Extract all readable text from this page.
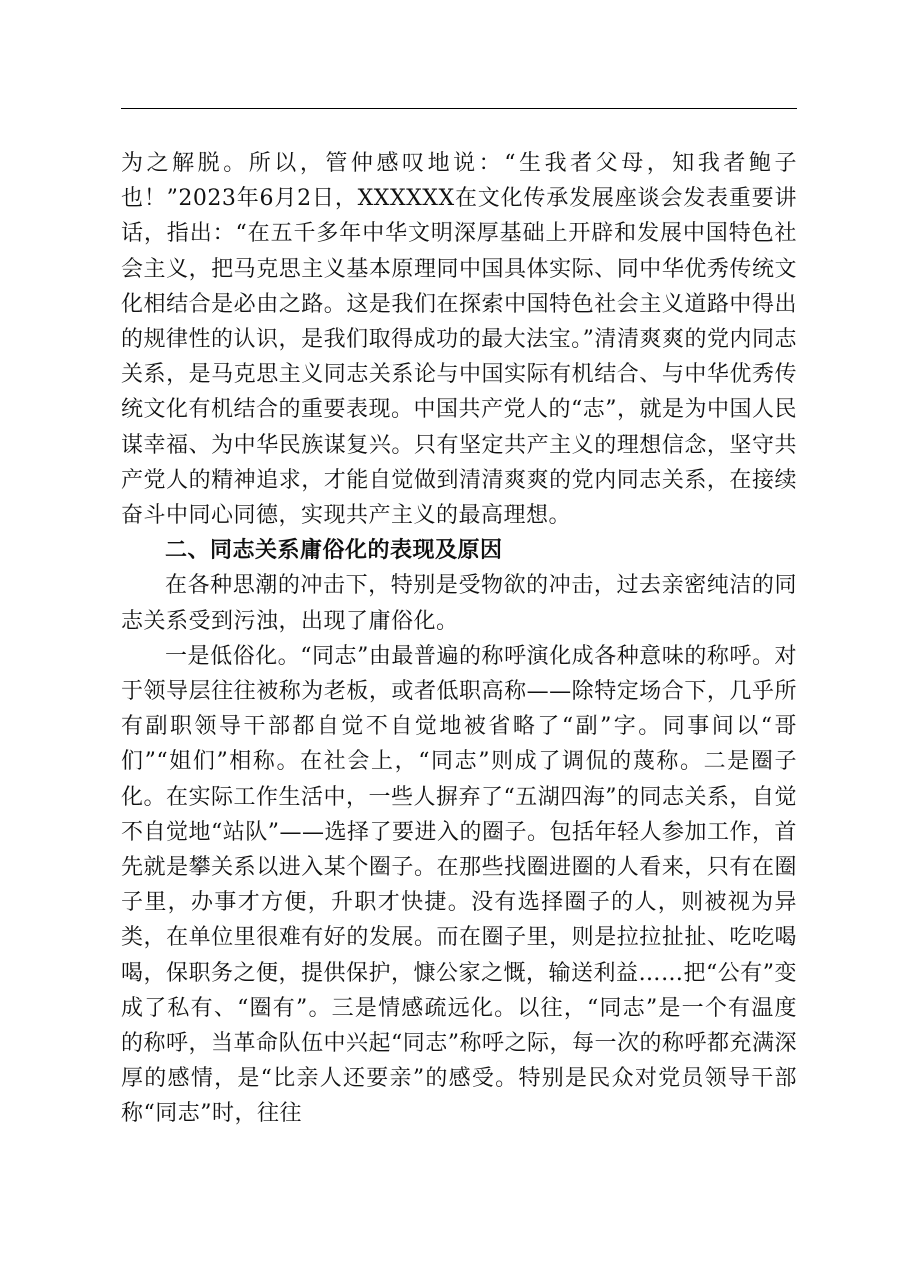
为之解脱。所以，管仲感叹地说：“生我者父母，知我者鲍子也！”2023年6月2日，XXXXXX在文化传承发展座谈会发表重要讲话，指出：“在五千多年中华文明深厚基础上开辟和发展中国特色社会主义，把马克思主义基本原理同中国具体实际、同中华优秀传统文化相结合是必由之路。这是我们在探索中国特色社会主义道路中得出的规律性的认识，是我们取得成功的最大法宝。”清清爽爽的党内同志关系，是马克思主义同志关系论与中国实际有机结合、与中华优秀传统文化有机结合的重要表现。中国共产党人的“志”，就是为中国人民谋幸福、为中华民族谋复兴。只有坚定共产主义的理想信念，坚守共产党人的精神追求，才能自觉做到清清爽爽的党内同志关系，在接续奋斗中同心同德，实现共产主义的最高理想。

二、同志关系庸俗化的表现及原因

在各种思潮的冲击下，特别是受物欲的冲击，过去亲密纯洁的同志关系受到污浊，出现了庸俗化。

一是低俗化。“同志”由最普遍的称呼演化成各种意味的称呼。对于领导层往往被称为老板，或者低职高称——除特定场合下，几乎所有副职领导干部都自觉不自觉地被省略了“副”字。同事间以“哥们”“姐们”相称。在社会上，“同志”则成了调侃的蔑称。二是圈子化。在实际工作生活中，一些人摒弃了“五湖四海”的同志关系，自觉不自觉地“站队”——选择了要进入的圈子。包括年轻人参加工作，首先就是攀关系以进入某个圈子。在那些找圈进圈的人看来，只有在圈子里，办事才方便，升职才快捷。没有选择圈子的人，则被视为异类，在单位里很难有好的发展。而在圈子里，则是拉拉扯扯、吃吃喝喝，保职务之便，提供保护，慷公家之慨，输送利益……把“公有”变成了私有、“圈有”。三是情感疏远化。以往，“同志”是一个有温度的称呼，当革命队伍中兴起“同志”称呼之际，每一次的称呼都充满深厚的感情，是“比亲人还要亲”的感受。特别是民众对党员领导干部称“同志”时，往往
